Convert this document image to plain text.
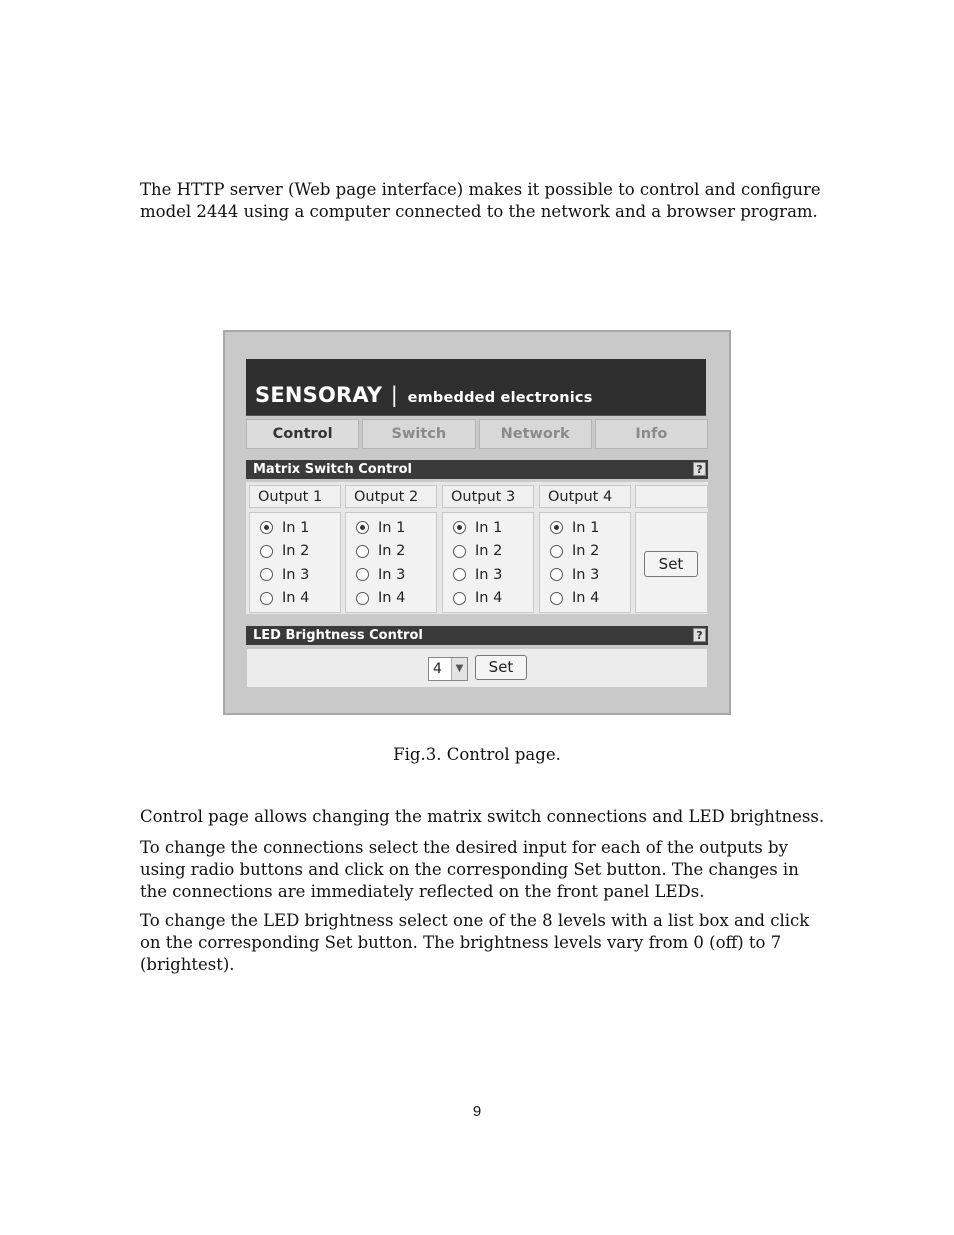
The HTTP server (Web page interface) makes it possible to control and configure model 2444 using a computer connected to the network and a browser program.

SENSORAY | embedded electronics
Control	Switch	Network	Info
Matrix Switch Control	?
Output 1
In 1
In 2
In 3
In 4
Output 2
In 1
In 2
In 3
In 4
Output 3
In 1
In 2
In 3
In 4
Output 4
In 1
In 2
In 3
In 4
Set
LED Brightness Control	?
4	▼	Set
Fig.3. Control page.

Control page allows changing the matrix switch connections and LED brightness.

To change the connections select the desired input for each of the outputs by using radio buttons and click on the corresponding Set button. The changes in the connections are immediately reflected on the front panel LEDs.

To change the LED brightness select one of the 8 levels with a list box and click on the corresponding Set button. The brightness levels vary from 0 (off) to 7 (brightest).

9
